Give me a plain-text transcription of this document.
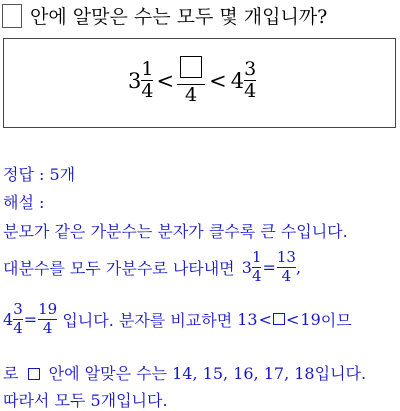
안에 알맞은 수는 모두 몇 개입니까?
$3 \frac{1}{4}$ <
4
< $4 \frac{3}{4}$
정답 : 5개
해설 :
분모가 같은 가분수는 분자가 클수록 큰 수입니다.
대분수를 모두 가분수로 나타내면 $3 \frac{1}{4} = \frac{13}{4}$ ,
$4 \frac{3}{4} = \frac{19}{4}$ 입니다. 분자를 비교하면 13< <19이므
로 안에 알맞은 수는 14, 15, 16, 17, 18입니다.
따라서 모두 5개입니다.
